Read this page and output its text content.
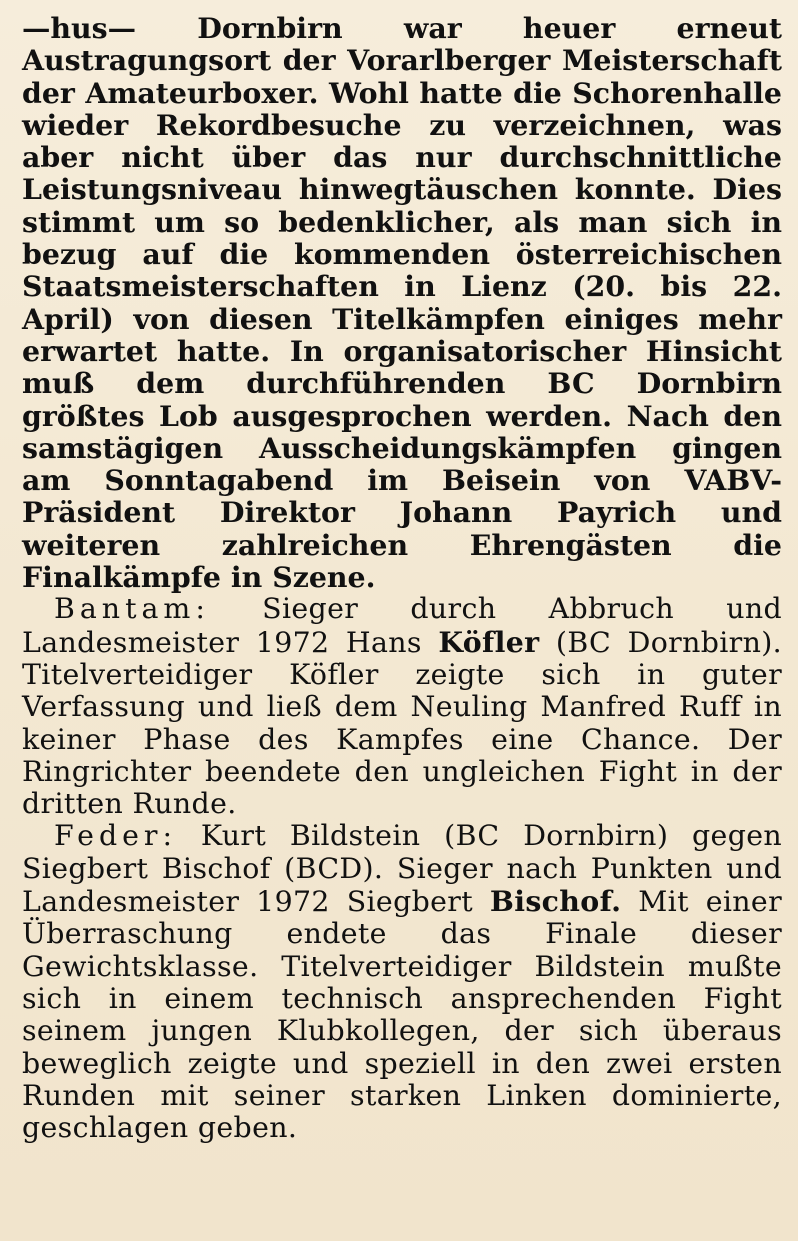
—hus— Dornbirn war heuer erneut Austragungsort der Vorarlberger Meisterschaft der Amateurboxer. Wohl hatte die Schorenhalle wieder Rekordbesuche zu verzeichnen, was aber nicht über das nur durchschnittliche Leistungsniveau hinwegtäuschen konnte. Dies stimmt um so bedenklicher, als man sich in bezug auf die kommenden österreichischen Staatsmeisterschaften in Lienz (20. bis 22. April) von diesen Titelkämpfen einiges mehr erwartet hatte. In organisatorischer Hinsicht muß dem durchführenden BC Dornbirn größtes Lob ausgesprochen werden. Nach den samstägigen Ausscheidungskämpfen gingen am Sonntagabend im Beisein von VABV-Präsident Direktor Johann Payrich und weiteren zahlreichen Ehrengästen die Finalkämpfe in Szene.

Bantam: Sieger durch Abbruch und Landesmeister 1972 Hans Köfler (BC Dornbirn). Titelverteidiger Köfler zeigte sich in guter Verfassung und ließ dem Neuling Manfred Ruff in keiner Phase des Kampfes eine Chance. Der Ringrichter beendete den ungleichen Fight in der dritten Runde.

Feder: Kurt Bildstein (BC Dornbirn) gegen Siegbert Bischof (BCD). Sieger nach Punkten und Landesmeister 1972 Siegbert Bischof. Mit einer Überraschung endete das Finale dieser Gewichtsklasse. Titelverteidiger Bildstein mußte sich in einem technisch ansprechenden Fight seinem jungen Klubkollegen, der sich überaus beweglich zeigte und speziell in den zwei ersten Runden mit seiner starken Linken dominierte, geschlagen geben.
